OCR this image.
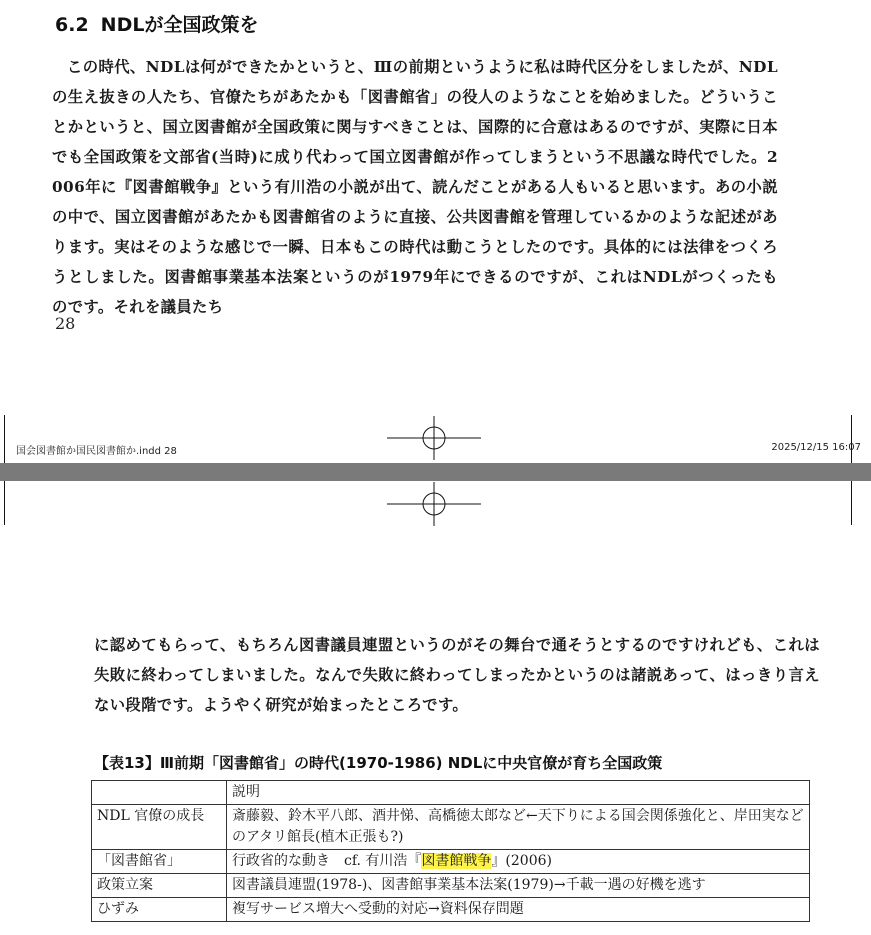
6.2 NDLが全国政策を
この時代、NDLは何ができたかというと、Ⅲの前期というように私は時代区分をしましたが、NDLの生え抜きの人たち、官僚たちがあたかも「図書館省」の役人のようなことを始めました。どういうことかというと、国立図書館が全国政策に関与すべきことは、国際的に合意はあるのですが、実際に日本でも全国政策を文部省(当時)に成り代わって国立図書館が作ってしまうという不思議な時代でした。2006年に『図書館戦争』という有川浩の小説が出て、読んだことがある人もいると思います。あの小説の中で、国立図書館があたかも図書館省のように直接、公共図書館を管理しているかのような記述があります。実はそのような感じで一瞬、日本もこの時代は動こうとしたのです。具体的には法律をつくろうとしました。図書館事業基本法案というのが1979年にできるのですが、これはNDLがつくったものです。それを議員たち
28
国会図書館か国民図書館か.indd 28	2025/12/15 16:07
に認めてもらって、もちろん図書議員連盟というのがその舞台で通そうとするのですけれども、これは失敗に終わってしまいました。なんで失敗に終わってしまったかというのは諸説あって、はっきり言えない段階です。ようやく研究が始まったところです。
【表13】Ⅲ前期「図書館省」の時代(1970-1986) NDLに中央官僚が育ち全国政策
	説明
NDL 官僚の成長	斎藤毅、鈴木平八郎、酒井悌、高橋徳太郎など←天下りによる国会関係強化と、岸田実などのアタリ館長(植木正張も?)
「図書館省」	行政省的な動き　cf. 有川浩『図書館戦争』(2006)
政策立案	図書議員連盟(1978-)、図書館事業基本法案(1979)→千載一遇の好機を逃す
ひずみ	複写サービス増大へ受動的対応→資料保存問題
